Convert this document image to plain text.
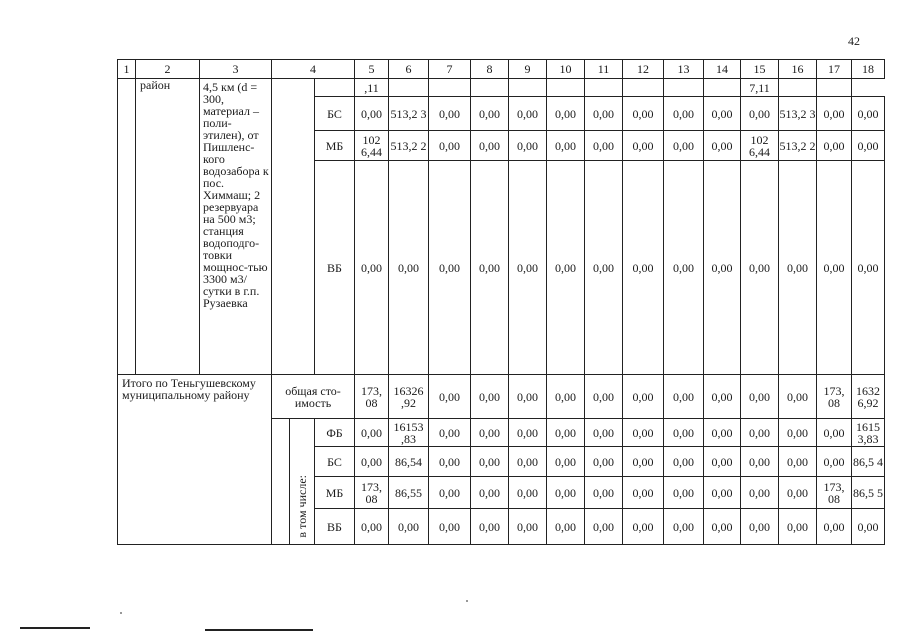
42
1	2	3	4			5	6	7	8	9	10	11	12	13	14	15	16	17	18
	район	4,5 км (d = 300, материал – поли-этилен), от Пишленс-кого водозабора к пос. Химмаш; 2 резервуара на 500 м3; станция водоподго-товки мощнос-тью 3300 м3/сутки в г.п. Рузаевка				,11										7,11			
					БС	0,00	513,2 3	0,00	0,00	0,00	0,00	0,00	0,00	0,00	0,00	0,00	513,2 3	0,00	0,00
					МБ	102 6,44	513,2 2	0,00	0,00	0,00	0,00	0,00	0,00	0,00	0,00	102 6,44	513,2 2	0,00	0,00
					ВБ	0,00	0,00	0,00	0,00	0,00	0,00	0,00	0,00	0,00	0,00	0,00	0,00	0,00	0,00
Итого по Теньгушевскому муниципальному району			общая сто-имость			173, 08	16326 ,92	0,00	0,00	0,00	0,00	0,00	0,00	0,00	0,00	0,00	0,00	173, 08	1632 6,92
				в том числе:	ФБ	0,00	16153 ,83	0,00	0,00	0,00	0,00	0,00	0,00	0,00	0,00	0,00	0,00	0,00	1615 3,83
					БС	0,00	86,54	0,00	0,00	0,00	0,00	0,00	0,00	0,00	0,00	0,00	0,00	0,00	86,5 4
					МБ	173, 08	86,55	0,00	0,00	0,00	0,00	0,00	0,00	0,00	0,00	0,00	0,00	173, 08	86,5 5
					ВБ	0,00	0,00	0,00	0,00	0,00	0,00	0,00	0,00	0,00	0,00	0,00	0,00	0,00	0,00
